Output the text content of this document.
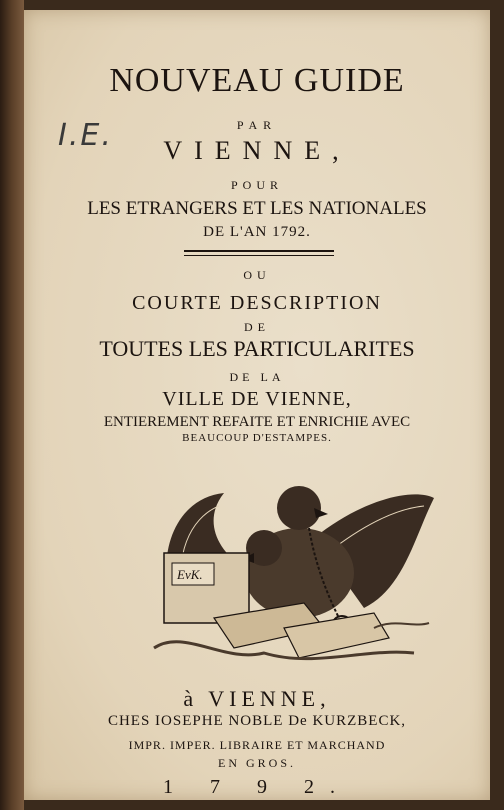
NOUVEAU GUIDE
I.E.	PAR
VIENNE,
POUR
LES ETRANGERS ET LES NATIONALES
DE L'AN 1792.
OU
COURTE DESCRIPTION
DE
TOUTES LES PARTICULARITES
DE LA
VILLE DE VIENNE,
ENTIEREMENT REFAITE ET ENRICHIE AVEC
BEAUCOUP D'ESTAMPES.
EvK.
à VIENNE,
CHES IOSEPHE NOBLE De KURZBECK,
IMPR. IMPER. LIBRAIRE ET MARCHAND
EN GROS.
1 7 9 2.
